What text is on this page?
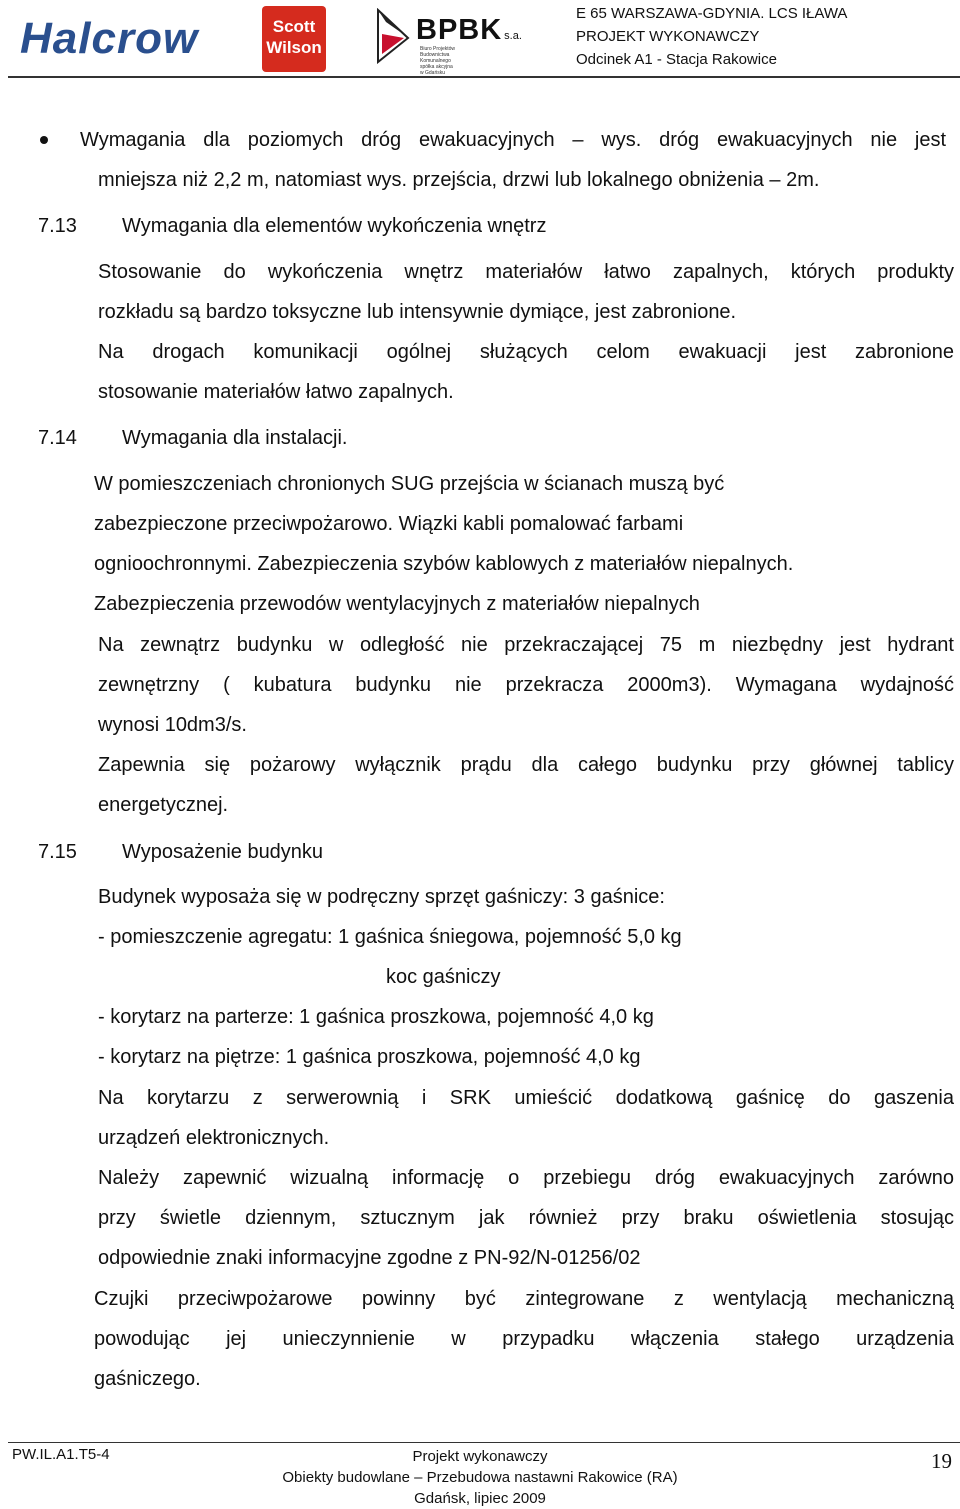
Halcrow	Scott
Wilson
BPBK s.a.
Biuro Projektów
Budownictwa
Komunalnego
spółka akcyjna
w Gdańsku
E 65 WARSZAWA-GDYNIA. LCS IŁAWA
PROJEKT WYKONAWCZY
Odcinek A1 - Stacja Rakowice
Wymagania dla poziomych dróg ewakuacyjnych – wys. dróg ewakuacyjnych nie jest
mniejsza niż 2,2 m, natomiast wys. przejścia, drzwi lub lokalnego obniżenia – 2m.
7.13 Wymagania dla elementów wykończenia wnętrz
Stosowanie do wykończenia wnętrz materiałów łatwo zapalnych, których produkty
rozkładu są bardzo toksyczne lub intensywnie dymiące, jest zabronione.
Na drogach komunikacji ogólnej służących celom ewakuacji jest zabronione
stosowanie materiałów łatwo zapalnych.
7.14 Wymagania dla instalacji.
W pomieszczeniach chronionych SUG przejścia w ścianach muszą być
zabezpieczone przeciwpożarowo. Wiązki kabli pomalować farbami
ognioochronnymi. Zabezpieczenia szybów kablowych z materiałów niepalnych.
Zabezpieczenia przewodów wentylacyjnych z materiałów niepalnych
Na zewnątrz budynku w odległość nie przekraczającej 75 m niezbędny jest hydrant
zewnętrzny ( kubatura budynku nie przekracza 2000m3). Wymagana wydajność
wynosi 10dm3/s.
Zapewnia się pożarowy wyłącznik prądu dla całego budynku przy głównej tablicy
energetycznej.
7.15 Wyposażenie budynku
Budynek wyposaża się w podręczny sprzęt gaśniczy: 3 gaśnice:
- pomieszczenie agregatu: 1 gaśnica śniegowa, pojemność 5,0 kg
koc gaśniczy
- korytarz na parterze: 1 gaśnica proszkowa, pojemność 4,0 kg
- korytarz na piętrze: 1 gaśnica proszkowa, pojemność 4,0 kg
Na korytarzu z serwerownią i SRK umieścić dodatkową gaśnicę do gaszenia
urządzeń elektronicznych.
Należy zapewnić wizualną informację o przebiegu dróg ewakuacyjnych zarówno
przy świetle dziennym, sztucznym jak również przy braku oświetlenia stosując
odpowiednie znaki informacyjne zgodne z PN-92/N-01256/02
Czujki przeciwpożarowe powinny być zintegrowane z wentylacją mechaniczną
powodując jej unieczynnienie w przypadku włączenia stałego urządzenia
gaśniczego.
PW.IL.A1.T5-4	Projekt wykonawczy
Obiekty budowlane – Przebudowa nastawni Rakowice (RA)
Gdańsk, lipiec 2009
19
